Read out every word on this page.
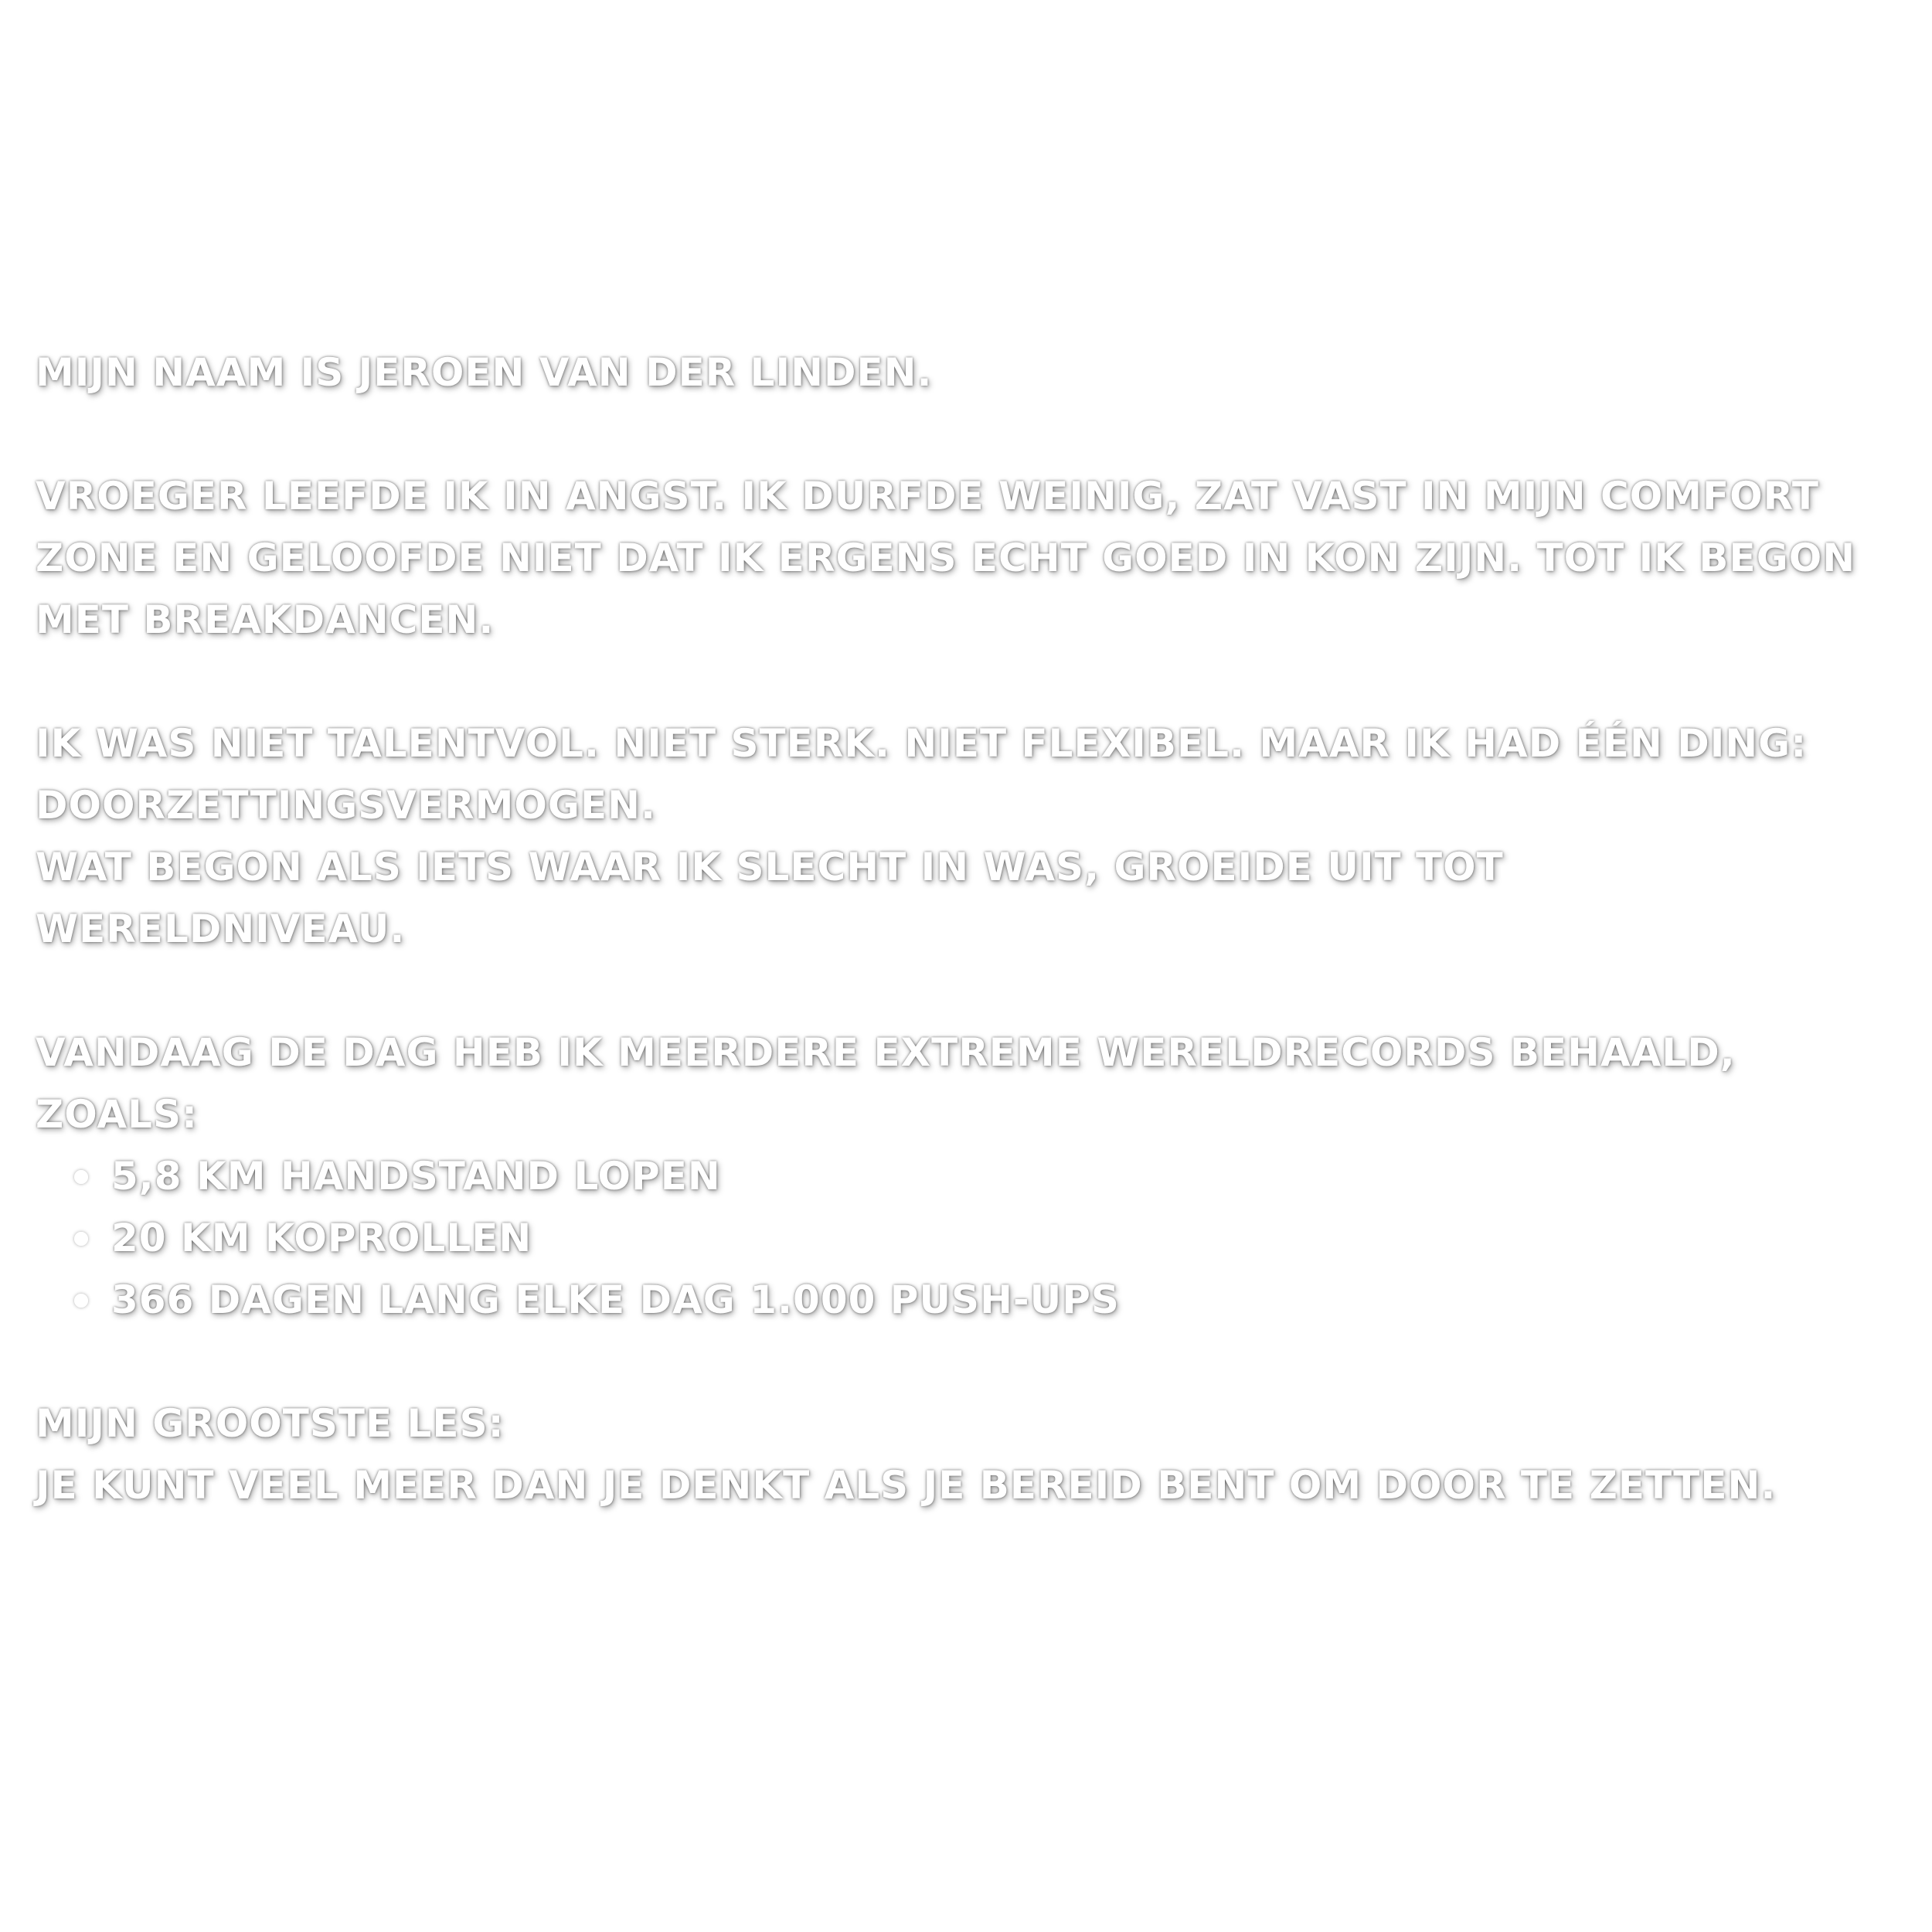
MIJN NAAM IS JEROEN VAN DER LINDEN.

VROEGER LEEFDE IK IN ANGST. IK DURFDE WEINIG, ZAT VAST IN MIJN COMFORT

ZONE EN GELOOFDE NIET DAT IK ERGENS ECHT GOED IN KON ZIJN. TOT IK BEGON

MET BREAKDANCEN.

IK WAS NIET TALENTVOL. NIET STERK. NIET FLEXIBEL. MAAR IK HAD ÉÉN DING:

DOORZETTINGSVERMOGEN.

WAT BEGON ALS IETS WAAR IK SLECHT IN WAS, GROEIDE UIT TOT

WERELDNIVEAU.

VANDAAG DE DAG HEB IK MEERDERE EXTREME WERELDRECORDS BEHAALD,

ZOALS:

5,8 KM HANDSTAND LOPEN
20 KM KOPROLLEN
366 DAGEN LANG ELKE DAG 1.000 PUSH-UPS

MIJN GROOTSTE LES:

JE KUNT VEEL MEER DAN JE DENKT ALS JE BEREID BENT OM DOOR TE ZETTEN.
